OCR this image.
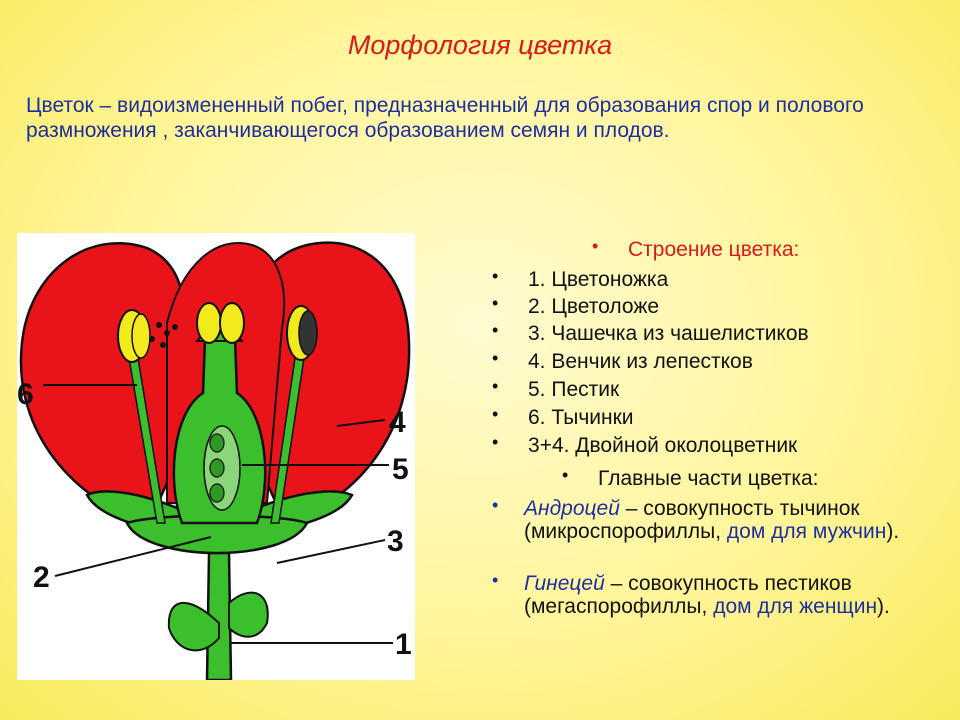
Морфология цветка
Цветок – видоизмененный побег, предназначенный для образования спор и полового размножения , заканчивающегося образованием семян и плодов.
6
4
5
3
2
1
• Строение цветка:
• 1. Цветоножка
• 2. Цветоложе
• 3. Чашечка из чашелистиков
• 4. Венчик из лепестков
• 5. Пестик
• 6. Тычинки
• 3+4. Двойной околоцветник
• Главные части цветка:
• Андроцей – совокупность тычинок (микроспорофиллы, дом для мужчин).
• Гинецей – совокупность пестиков (мегаспорофиллы, дом для женщин).
